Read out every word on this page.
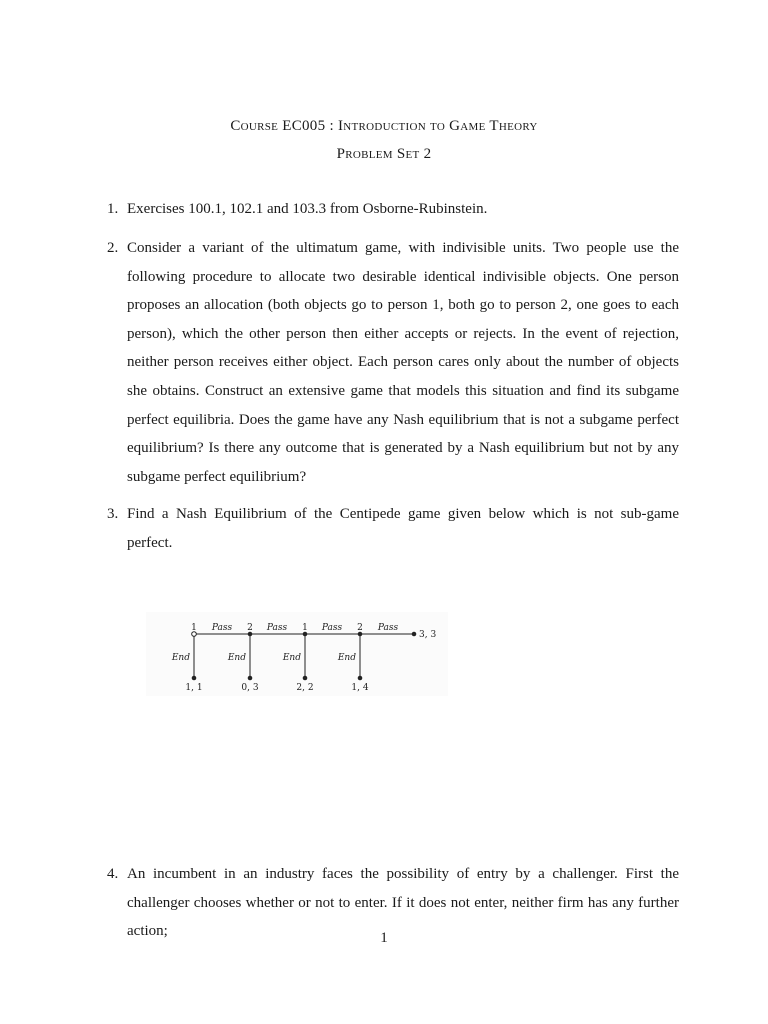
Course EC005 : Introduction to Game Theory
Problem Set 2
1. Exercises 100.1, 102.1 and 103.3 from Osborne-Rubinstein.
2. Consider a variant of the ultimatum game, with indivisible units. Two people use the following procedure to allocate two desirable identical indivisible objects. One person proposes an allocation (both objects go to person 1, both go to person 2, one goes to each person), which the other person then either accepts or rejects. In the event of rejection, neither person receives either object. Each person cares only about the number of objects she obtains. Construct an extensive game that models this situation and find its subgame perfect equilibria. Does the game have any Nash equilibrium that is not a subgame perfect equilibrium? Is there any outcome that is generated by a Nash equilibrium but not by any subgame perfect equilibrium?
3. Find a Nash Equilibrium of the Centipede game given below which is not sub-game perfect.
1	2	1	2
Pass	Pass	Pass	Pass
End	End	End	End
1, 1	0, 3	2, 2	1, 4
3, 3
4. An incumbent in an industry faces the possibility of entry by a challenger. First the challenger chooses whether or not to enter. If it does not enter, neither firm has any further action;	1
